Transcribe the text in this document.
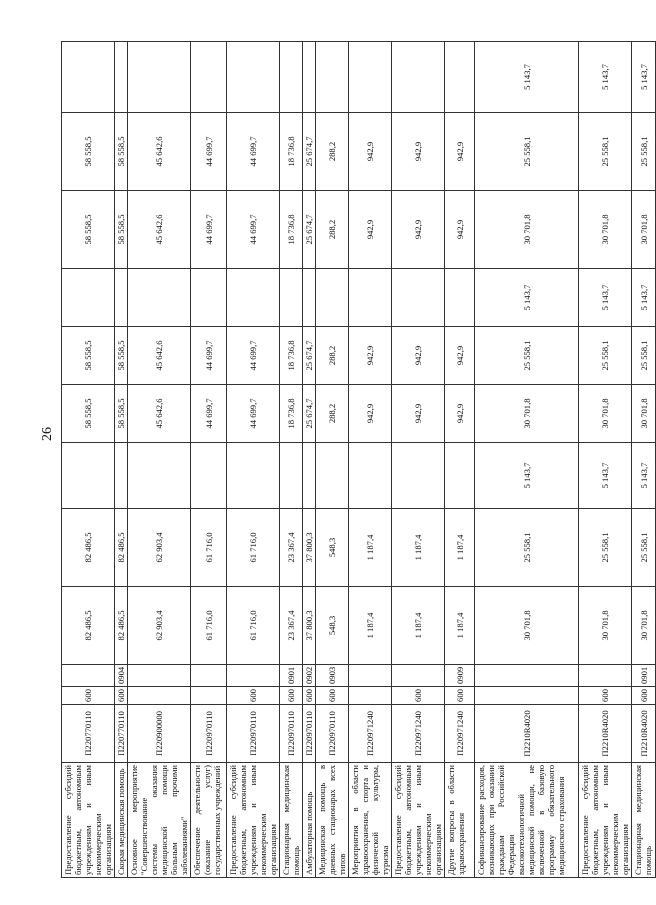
26
Предоставление субсидий бюджетным, автономным учреждениям и иным некоммерческим организациям	П220770110	600		82 486,5	82 486,5		58 558,5	58 558,5		58 558,5	58 558,5	
Скорая медицинская помощь	П220770110	600	0904	82 486,5	82 486,5		58 558,5	58 558,5		58 558,5	58 558,5	
Основное мероприятие "Совершенствование системы оказания медицинской помощи больным прочими заболеваниями"	П220900000			62 903,4	62 903,4		45 642,6	45 642,6		45 642,6	45 642,6	
Обеспечение деятельности (оказание услуг) государственных учреждений	П220970110			61 716,0	61 716,0		44 699,7	44 699,7		44 699,7	44 699,7	
Предоставление субсидий бюджетным, автономным учреждениям и иным некоммерческим организациям	П220970110	600		61 716,0	61 716,0		44 699,7	44 699,7		44 699,7	44 699,7	
Стационарная медицинская помощь	П220970110	600	0901	23 367,4	23 367,4		18 736,8	18 736,8		18 736,8	18 736,8	
Амбулаторная помощь	П220970110	600	0902	37 800,3	37 800,3		25 674,7	25 674,7		25 674,7	25 674,7	
Медицинская помощь в дневных стационарах всех типов	П220970110	600	0903	548,3	548,3		288,2	288,2		288,2	288,2	
Мероприятия в области здравоохранения, спорта и физической культуры, туризма	П220971240			1 187,4	1 187,4		942,9	942,9		942,9	942,9	
Предоставление субсидий бюджетным, автономным учреждениям и иным некоммерческим организациям	П220971240	600		1 187,4	1 187,4		942,9	942,9		942,9	942,9	
Другие вопросы в области здравоохранения	П220971240	600	0909	1 187,4	1 187,4		942,9	942,9		942,9	942,9	
Софинансирование расходов, возникающих при оказании гражданам Российской Федерации высокотехнологичной медицинской помощи, не включенной в базовую программу обязательного медицинского страхования	П2210R4020			30 701,8	25 558,1	5 143,7	30 701,8	25 558,1	5 143,7	30 701,8	25 558,1	5 143,7
Предоставление субсидий бюджетным, автономным учреждениям и иным некоммерческим организациям	П2210R4020	600		30 701,8	25 558,1	5 143,7	30 701,8	25 558,1	5 143,7	30 701,8	25 558,1	5 143,7
Стационарная медицинская помощь	П2210R4020	600	0901	30 701,8	25 558,1	5 143,7	30 701,8	25 558,1	5 143,7	30 701,8	25 558,1	5 143,7
